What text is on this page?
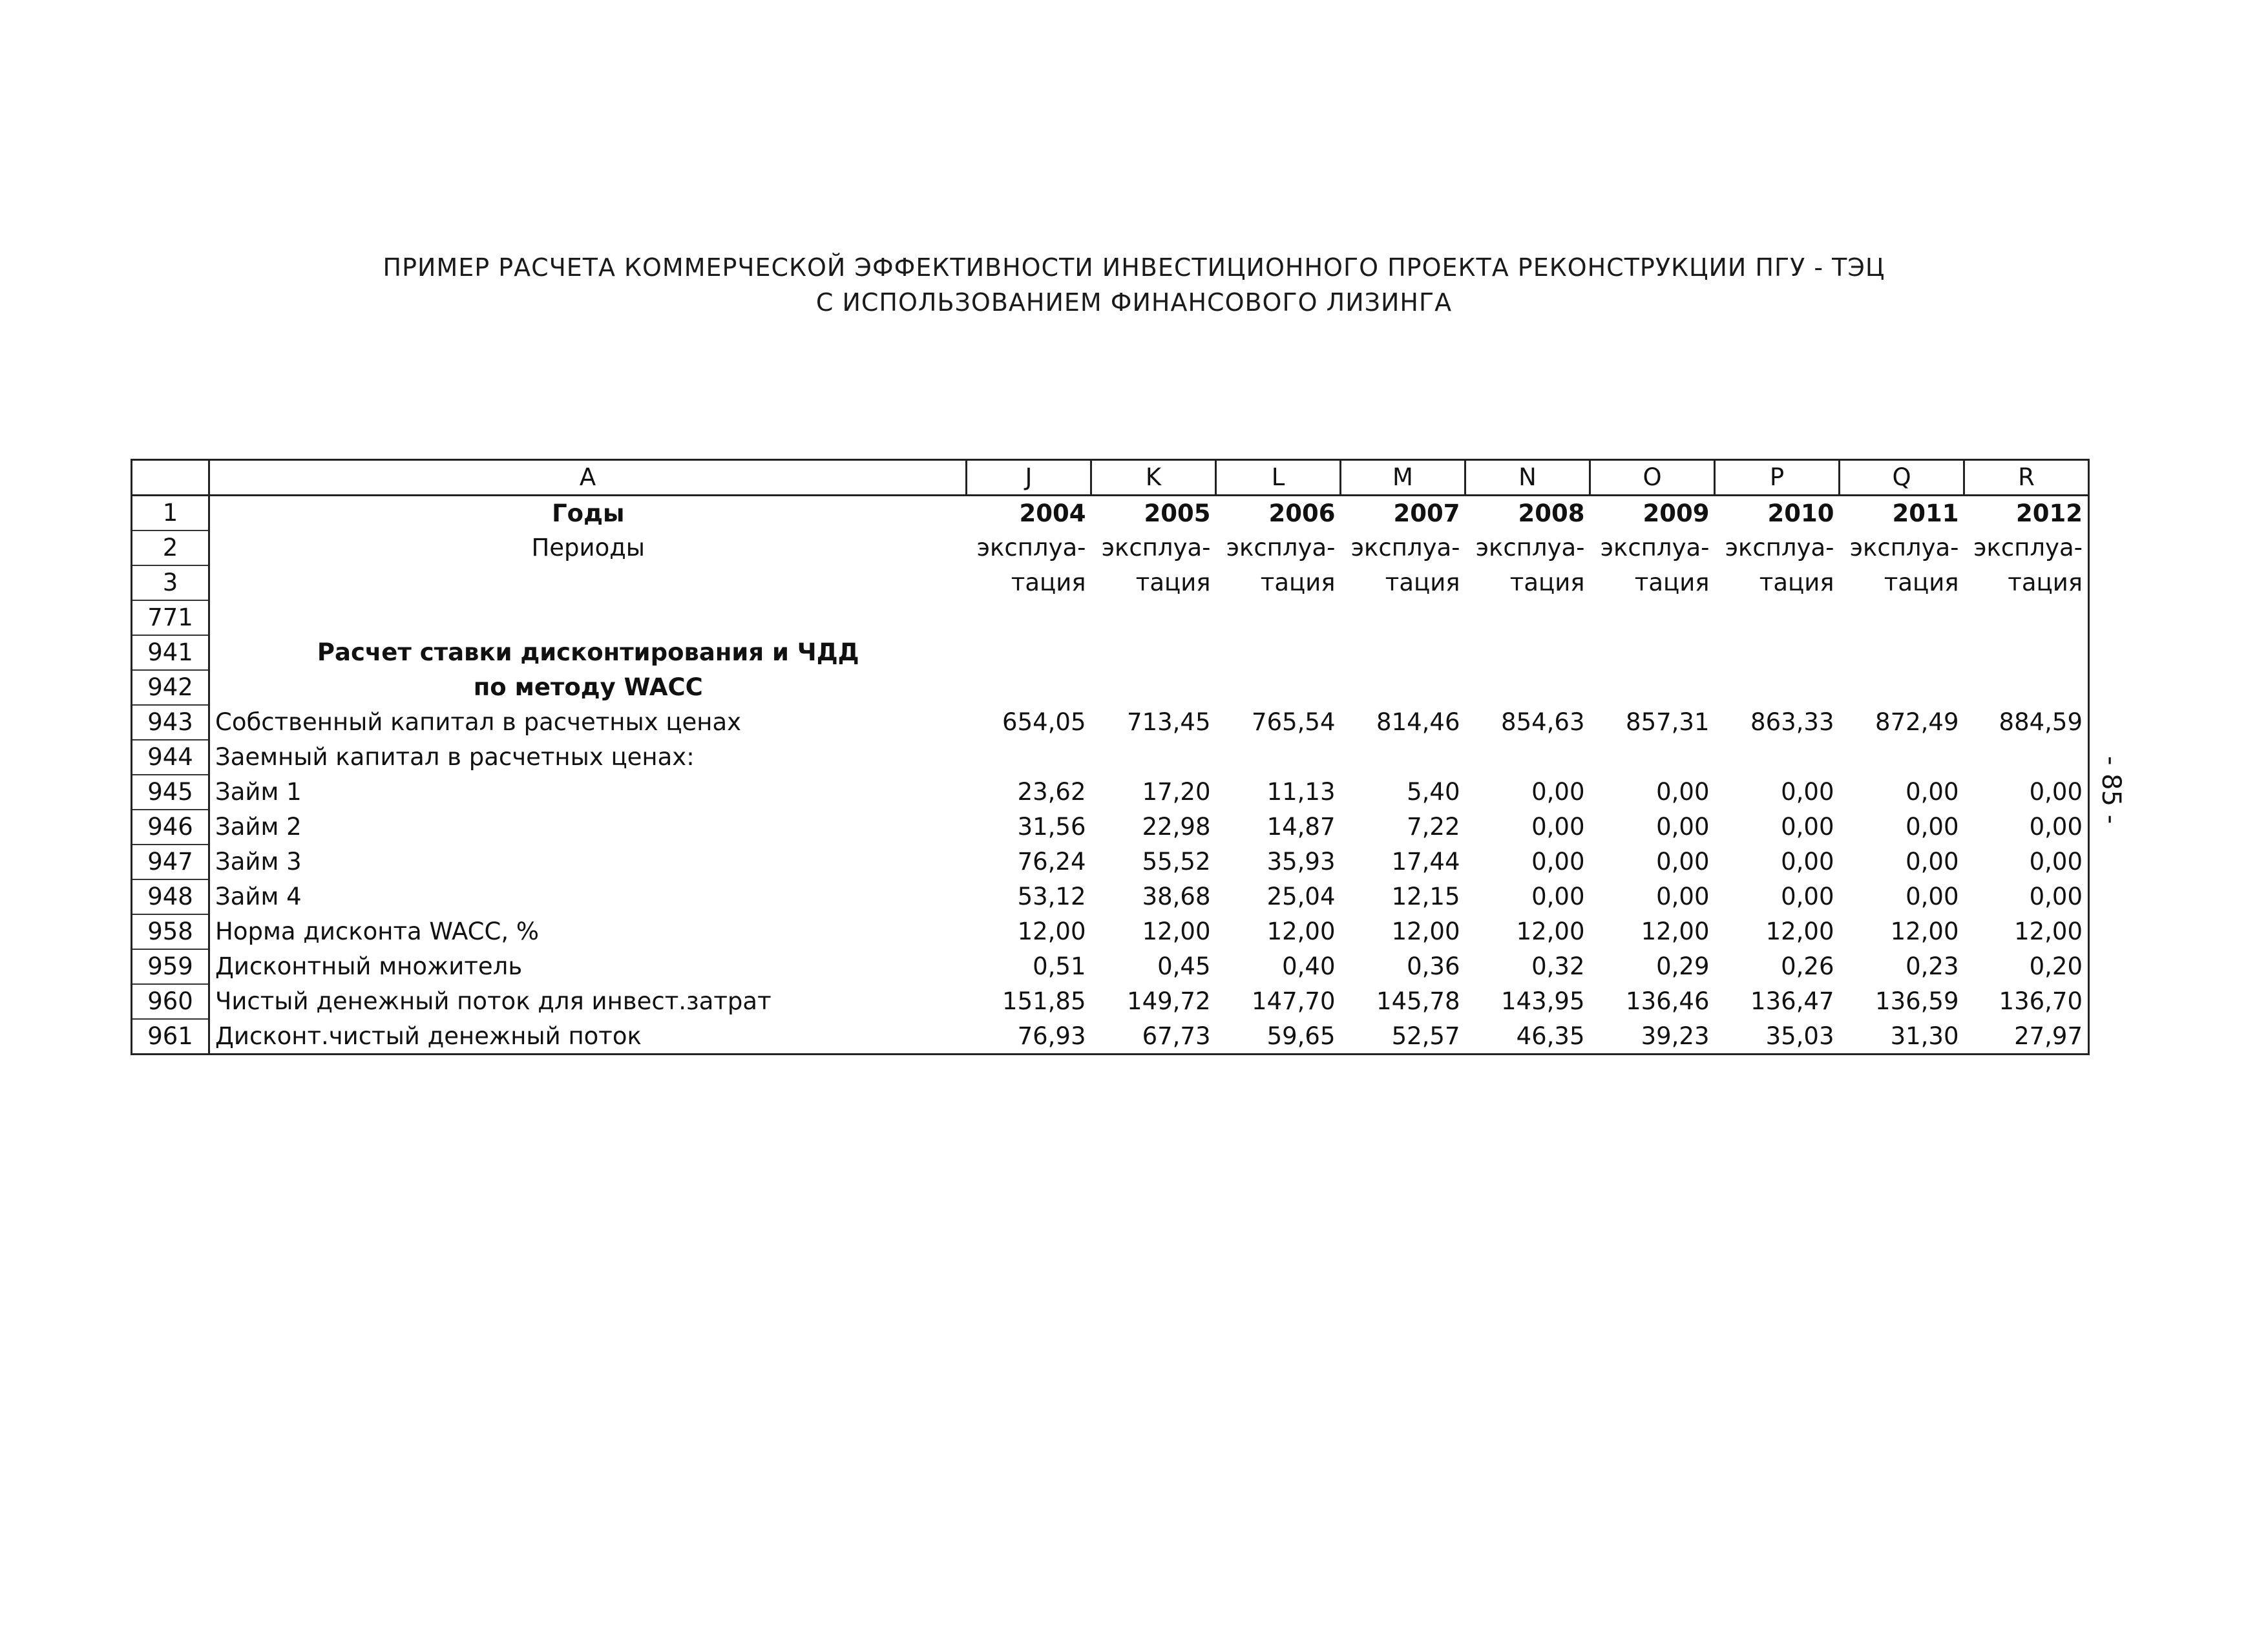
ПРИМЕР РАСЧЕТА КОММЕРЧЕСКОЙ ЭФФЕКТИВНОСТИ ИНВЕСТИЦИОННОГО ПРОЕКТА РЕКОНСТРУКЦИИ ПГУ - ТЭЦ
С ИСПОЛЬЗОВАНИЕМ ФИНАНСОВОГО ЛИЗИНГА
	A	J	K	L	M	N	O	P	Q	R
1	Годы	2004	2005	2006	2007	2008	2009	2010	2011	2012
2	Периоды	эксплуа-	эксплуа-	эксплуа-	эксплуа-	эксплуа-	эксплуа-	эксплуа-	эксплуа-	эксплуа-
3		тация	тация	тация	тация	тация	тация	тация	тация	тация
771										
941	Расчет ставки дисконтирования и ЧДД									
942	по методу WACC									
943	Собственный капитал в расчетных ценах	654,05	713,45	765,54	814,46	854,63	857,31	863,33	872,49	884,59
944	Заемный капитал в расчетных ценах:									
945	Займ 1	23,62	17,20	11,13	5,40	0,00	0,00	0,00	0,00	0,00
946	Займ 2	31,56	22,98	14,87	7,22	0,00	0,00	0,00	0,00	0,00
947	Займ 3	76,24	55,52	35,93	17,44	0,00	0,00	0,00	0,00	0,00
948	Займ 4	53,12	38,68	25,04	12,15	0,00	0,00	0,00	0,00	0,00
958	Норма дисконта WACC, %	12,00	12,00	12,00	12,00	12,00	12,00	12,00	12,00	12,00
959	Дисконтный множитель	0,51	0,45	0,40	0,36	0,32	0,29	0,26	0,23	0,20
960	Чистый денежный поток для инвест.затрат	151,85	149,72	147,70	145,78	143,95	136,46	136,47	136,59	136,70
961	Дисконт.чистый денежный поток	76,93	67,73	59,65	52,57	46,35	39,23	35,03	31,30	27,97
- 85 -
